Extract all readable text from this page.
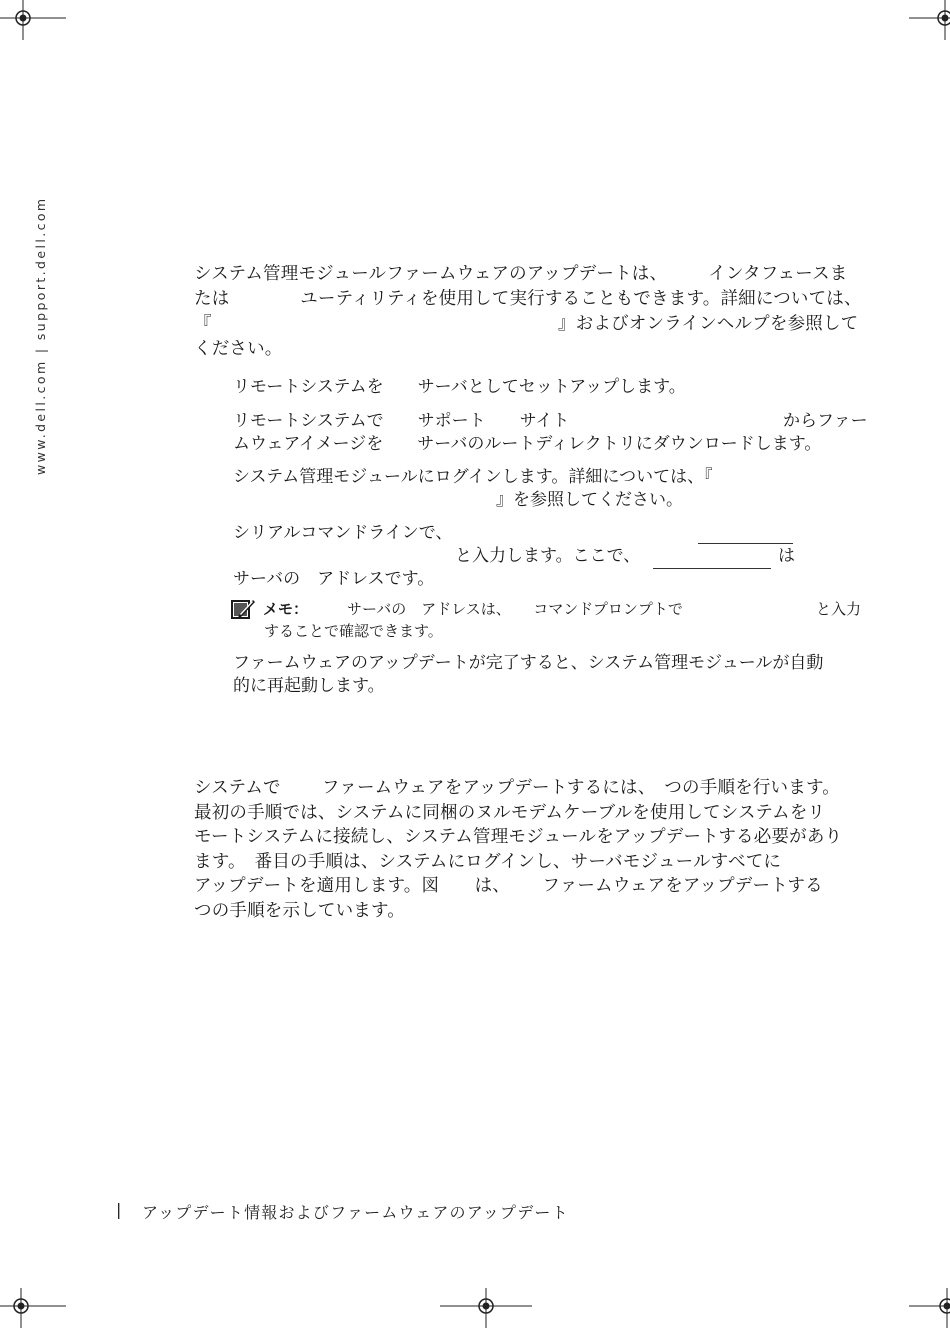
www.dell.com | support.dell.com	システム管理モジュールファームウェアのアップデートは、 　　インタフェースま
たは　　　　ユーティリティを使用して実行することもできます。詳細については、
『	』およびオンラインヘルプを参照して
ください。
リモートシステムを　　サーバとしてセットアップします。
リモートシステムで　　サポート　　サイト	からファー
ムウェアイメージを　　サーバのルートディレクトリにダウンロードします。
システム管理モジュールにログインします。詳細については、『
』を参照してください。
シリアルコマンドラインで、
と入力します。ここで、	は
サーバの　アドレスです。
メモ：	サーバの　アドレスは、　　コマンドプロンプトで	と入力
することで確認できます。
ファームウェアのアップデートが完了すると、システム管理モジュールが自動
的に再起動します。
システムで　　 ファームウェアをアップデートするには、　つの手順を行います。
最初の手順では、システムに同梱のヌルモデムケーブルを使用してシステムをリ
モートシステムに接続し、システム管理モジュールをアップデートする必要があり
ます。　番目の手順は、システムにログインし、サーバモジュールすべてに
アップデートを適用します。図　　は、　　 ファームウェアをアップデートする
つの手順を示しています。
| アップデート情報およびファームウェアのアップデート
